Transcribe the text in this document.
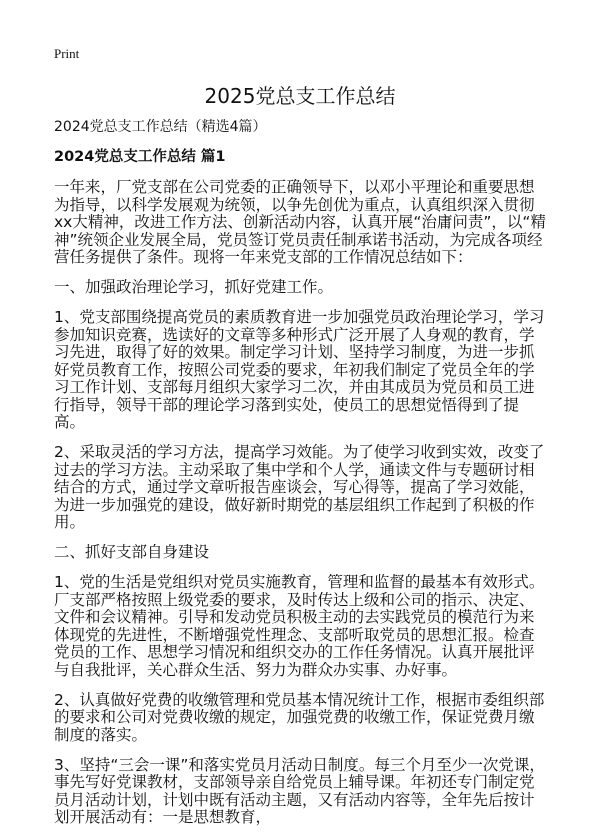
Print
2025党总支工作总结

2024党总支工作总结（精选4篇）

2024党总支工作总结 篇1

一年来，厂党支部在公司党委的正确领导下，以邓小平理论和重要思想为指导，以科学发展观为统领，以争先创优为重点，认真组织深入贯彻xx大精神，改进工作方法、创新活动内容，认真开展“治庸问责”，以“精神”统领企业发展全局，党员签订党员责任制承诺书活动，为完成各项经营任务提供了条件。现将一年来党支部的工作情况总结如下：

一、加强政治理论学习，抓好党建工作。

1、党支部围绕提高党员的素质教育进一步加强党员政治理论学习，学习参加知识竞赛，选读好的文章等多种形式广泛开展了人身观的教育，学习先进，取得了好的效果。制定学习计划、坚持学习制度，为进一步抓好党员教育工作，按照公司党委的要求，年初我们制定了党员全年的学习工作计划、支部每月组织大家学习二次，并由其成员为党员和员工进行指导，领导干部的理论学习落到实处，使员工的思想觉悟得到了提高。

2、采取灵活的学习方法，提高学习效能。为了使学习收到实效，改变了过去的学习方法。主动采取了集中学和个人学，通读文件与专题研讨相结合的方式，通过学文章听报告座谈会，写心得等，提高了学习效能，为进一步加强党的建设，做好新时期党的基层组织工作起到了积极的作用。

二、抓好支部自身建设

1、党的生活是党组织对党员实施教育，管理和监督的最基本有效形式。厂支部严格按照上级党委的要求，及时传达上级和公司的指示、决定、文件和会议精神。引导和发动党员积极主动的去实践党员的模范行为来体现党的先进性，不断增强党性理念、支部听取党员的思想汇报。检查党员的工作、思想学习情况和组织交办的工作任务情况。认真开展批评与自我批评，关心群众生活、努力为群众办实事、办好事。

2、认真做好党费的收缴管理和党员基本情况统计工作，根据市委组织部的要求和公司对党费收缴的规定，加强党费的收缴工作，保证党费月缴制度的落实。

3、坚持“三会一课”和落实党员月活动日制度。每三个月至少一次党课，事先写好党课教材，支部领导亲自给党员上辅导课。年初还专门制定党员月活动计划，计划中既有活动主题，又有活动内容等，全年先后按计划开展活动有：一是思想教育，
